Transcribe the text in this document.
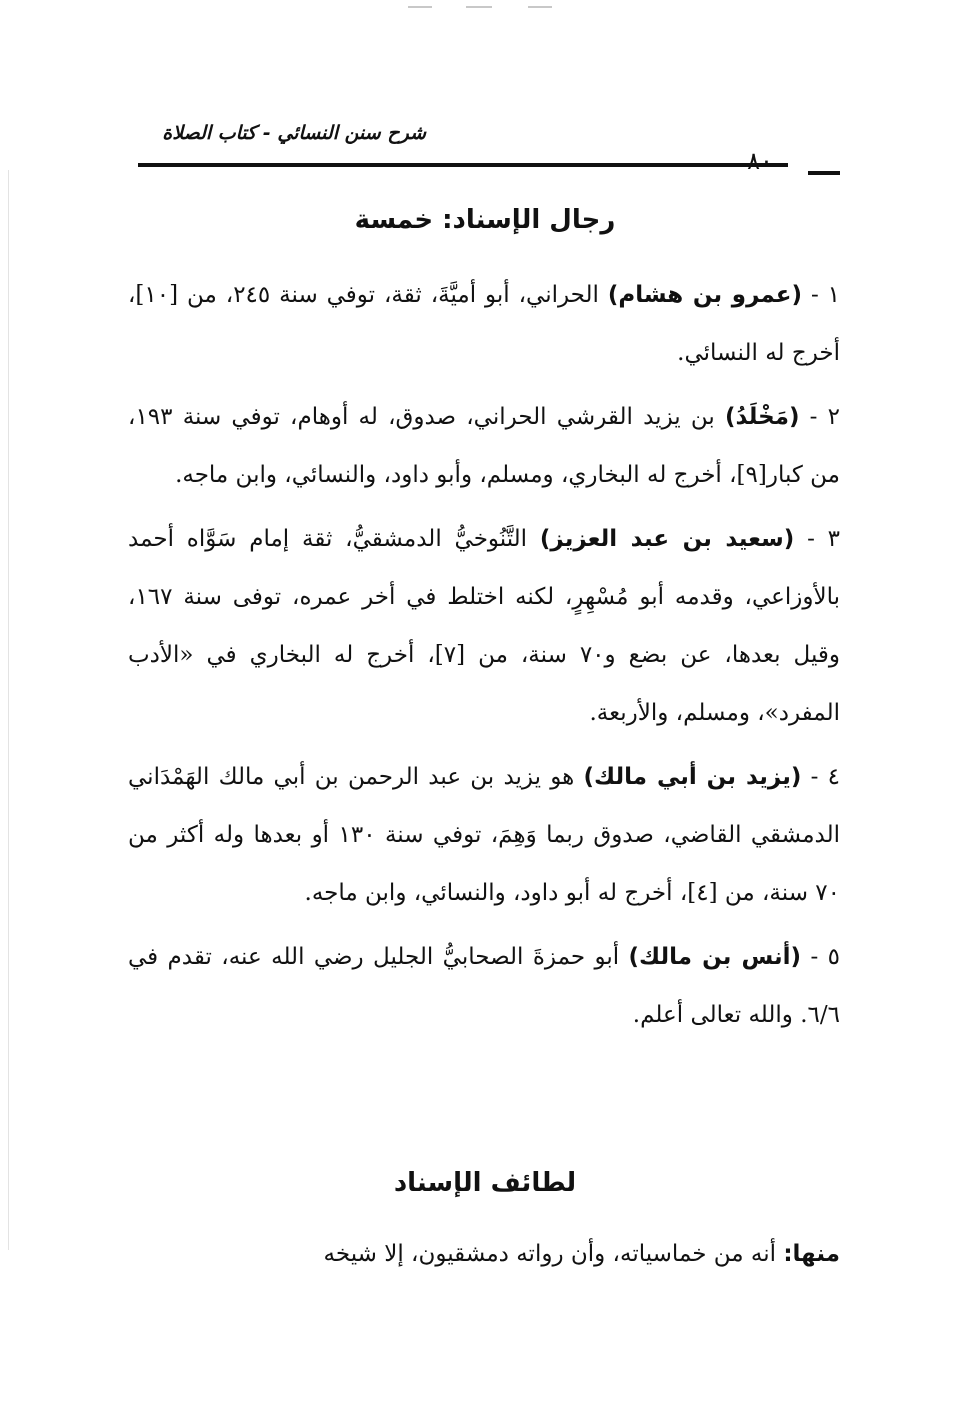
شرح سنن النسائي - كتاب الصلاة
٨٠
رجال الإسناد: خمسة

١ - (عمرو بن هشام) الحراني، أبو أميَّةَ، ثقة، توفي سنة ٢٤٥، من [١٠]، أخرج له النسائي.

٢ - (مَخْلَدُ) بن يزيد القرشي الحراني، صدوق، له أوهام، توفي سنة ١٩٣، من كبار[٩]، أخرج له البخاري، ومسلم، وأبو داود، والنسائي، وابن ماجه.

٣ - (سعيد بن عبد العزيز) التَّنُوخيُّ الدمشقيُّ، ثقة إمام سَوَّاه أحمد بالأوزاعي، وقدمه أبو مُسْهِرٍ، لكنه اختلط في أخر عمره، توفى سنة ١٦٧، وقيل بعدها، عن بضع و٧٠ سنة، من [٧]، أخرج له البخاري في «الأدب المفرد»، ومسلم، والأربعة.

٤ - (يزيد بن أبي مالك) هو يزيد بن عبد الرحمن بن أبي مالك الهَمْدَاني الدمشقي القاضي، صدوق ربما وَهِمَ، توفي سنة ١٣٠ أو بعدها وله أكثر من ٧٠ سنة، من [٤]، أخرج له أبو داود، والنسائي، وابن ماجه.

٥ - (أنس بن مالك) أبو حمزةَ الصحابيُّ الجليل رضي الله عنه، تقدم في ٦/٦. والله تعالى أعلم.

لطائف الإسناد

منها: أنه من خماسياته، وأن رواته دمشقيون، إلا شيخه
